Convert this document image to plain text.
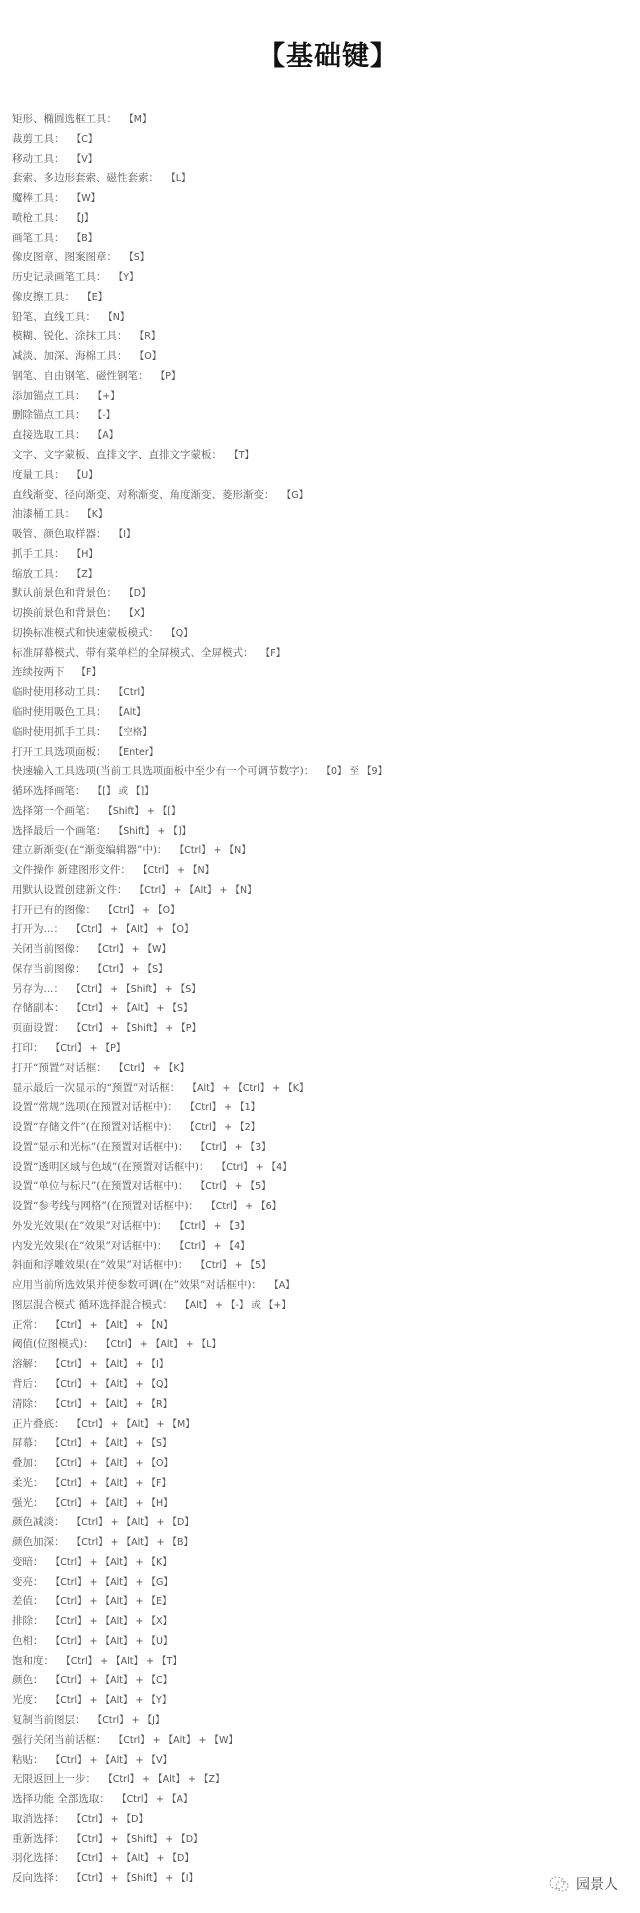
【基础键】
矩形、椭圆选框工具： 【M】
裁剪工具： 【C】
移动工具： 【V】
套索、多边形套索、磁性套索： 【L】
魔棒工具： 【W】
喷枪工具： 【J】
画笔工具： 【B】
像皮图章、图案图章： 【S】
历史记录画笔工具： 【Y】
像皮擦工具： 【E】
铅笔、直线工具： 【N】
模糊、锐化、涂抹工具： 【R】
减淡、加深、海棉工具： 【O】
钢笔、自由钢笔、磁性钢笔： 【P】
添加锚点工具： 【+】
删除锚点工具： 【-】
直接选取工具： 【A】
文字、文字蒙板、直排文字、直排文字蒙板： 【T】
度量工具： 【U】
直线渐变、径向渐变、对称渐变、角度渐变、菱形渐变： 【G】
油漆桶工具： 【K】
吸管、颜色取样器： 【I】
抓手工具： 【H】
缩放工具： 【Z】
默认前景色和背景色： 【D】
切换前景色和背景色： 【X】
切换标准模式和快速蒙板模式： 【Q】
标准屏幕模式、带有菜单栏的全屏模式、全屏模式： 【F】
连续按两下 【F】
临时使用移动工具： 【Ctrl】
临时使用吸色工具： 【Alt】
临时使用抓手工具： 【空格】
打开工具选项面板： 【Enter】
快速输入工具选项(当前工具选项面板中至少有一个可调节数字)： 【0】 至 【9】
循环选择画笔： 【[】 或 【]】
选择第一个画笔： 【Shift】 + 【[】
选择最后一个画笔： 【Shift】 + 【]】
建立新渐变(在“渐变编辑器”中)： 【Ctrl】 + 【N】
文件操作 新建图形文件： 【Ctrl】 + 【N】
用默认设置创建新文件： 【Ctrl】 + 【Alt】 + 【N】
打开已有的图像： 【Ctrl】 + 【O】
打开为...： 【Ctrl】 + 【Alt】 + 【O】
关闭当前图像： 【Ctrl】 + 【W】
保存当前图像： 【Ctrl】 + 【S】
另存为...： 【Ctrl】 + 【Shift】 + 【S】
存储副本： 【Ctrl】 + 【Alt】 + 【S】
页面设置： 【Ctrl】 + 【Shift】 + 【P】
打印： 【Ctrl】 + 【P】
打开“预置”对话框： 【Ctrl】 + 【K】
显示最后一次显示的“预置”对话框： 【Alt】 + 【Ctrl】 + 【K】
设置“常规”选项(在预置对话框中)： 【Ctrl】 + 【1】
设置“存储文件”(在预置对话框中)： 【Ctrl】 + 【2】
设置“显示和光标”(在预置对话框中)： 【Ctrl】 + 【3】
设置“透明区域与色域”(在预置对话框中)： 【Ctrl】 + 【4】
设置“单位与标尺”(在预置对话框中)： 【Ctrl】 + 【5】
设置“参考线与网格”(在预置对话框中)： 【Ctrl】 + 【6】
外发光效果(在”效果”对话框中)： 【Ctrl】 + 【3】
内发光效果(在”效果”对话框中)： 【Ctrl】 + 【4】
斜面和浮雕效果(在”效果”对话框中)： 【Ctrl】 + 【5】
应用当前所选效果并使参数可调(在”效果”对话框中)： 【A】
图层混合模式 循环选择混合模式： 【Alt】 + 【-】 或 【+】
正常： 【Ctrl】 + 【Alt】 + 【N】
阈值(位图模式)： 【Ctrl】 + 【Alt】 + 【L】
溶解： 【Ctrl】 + 【Alt】 + 【I】
背后： 【Ctrl】 + 【Alt】 + 【Q】
清除： 【Ctrl】 + 【Alt】 + 【R】
正片叠底： 【Ctrl】 + 【Alt】 + 【M】
屏幕： 【Ctrl】 + 【Alt】 + 【S】
叠加： 【Ctrl】 + 【Alt】 + 【O】
柔光： 【Ctrl】 + 【Alt】 + 【F】
强光： 【Ctrl】 + 【Alt】 + 【H】
颜色减淡： 【Ctrl】 + 【Alt】 + 【D】
颜色加深： 【Ctrl】 + 【Alt】 + 【B】
变暗： 【Ctrl】 + 【Alt】 + 【K】
变亮： 【Ctrl】 + 【Alt】 + 【G】
差值： 【Ctrl】 + 【Alt】 + 【E】
排除： 【Ctrl】 + 【Alt】 + 【X】
色相： 【Ctrl】 + 【Alt】 + 【U】
饱和度： 【Ctrl】 + 【Alt】 + 【T】
颜色： 【Ctrl】 + 【Alt】 + 【C】
光度： 【Ctrl】 + 【Alt】 + 【Y】
复制当前图层： 【Ctrl】 + 【J】
强行关闭当前话框： 【Ctrl】 + 【Alt】 + 【W】
粘贴： 【Ctrl】 + 【Alt】 + 【V】
无限返回上一步： 【Ctrl】 + 【Alt】 + 【Z】
选择功能 全部选取： 【Ctrl】 + 【A】
取消选择： 【Ctrl】 + 【D】
重新选择： 【Ctrl】 + 【Shift】 + 【D】
羽化选择： 【Ctrl】 + 【Alt】 + 【D】
反向选择： 【Ctrl】 + 【Shift】 + 【I】	园景人
